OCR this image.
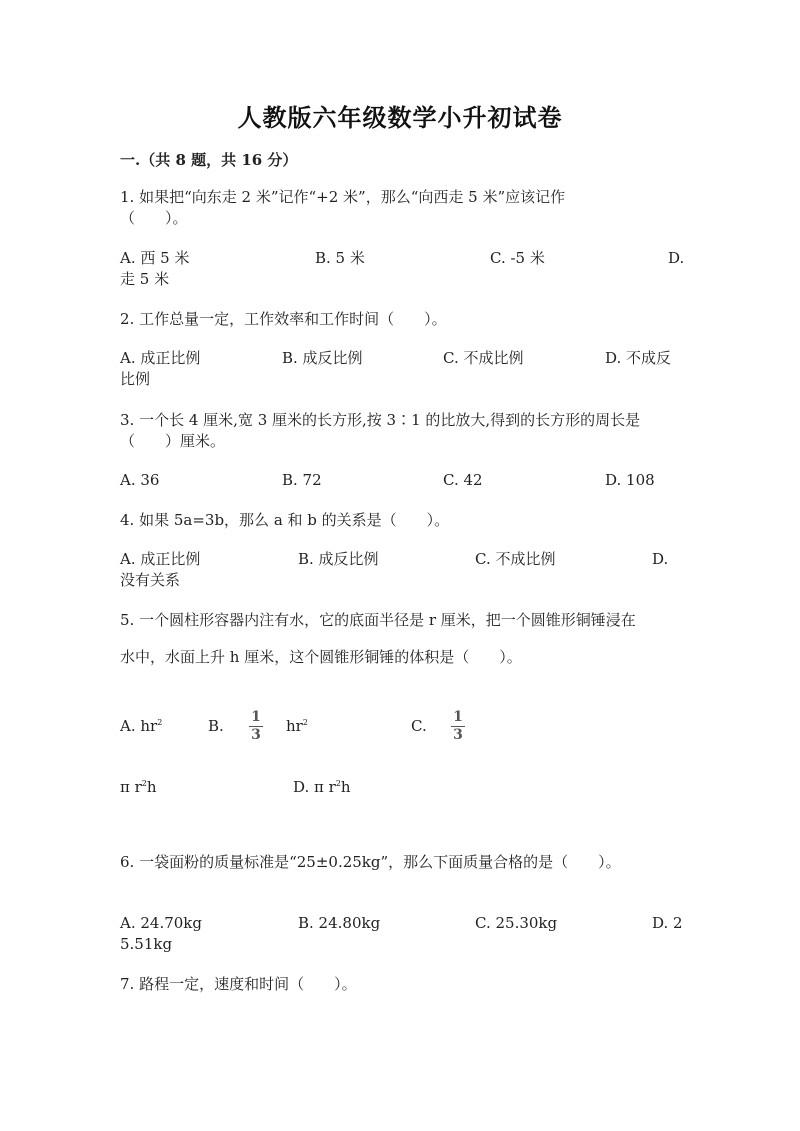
人教版六年级数学小升初试卷
一.（共 8 题，共 16 分）
1. 如果把“向东走 2 米”记作“+2 米”，那么“向西走 5 米”应该记作
（　　）。
A. 西 5 米	B. 5 米	C. -5 米	D.
走 5 米
2. 工作总量一定，工作效率和工作时间（　　）。
A. 成正比例	B. 成反比例	C. 不成比例	D. 不成反
比例
3. 一个长 4 厘米,宽 3 厘米的长方形,按 3∶1 的比放大,得到的长方形的周长是
（　　）厘米。
A. 36	B. 72	C. 42	D. 108
4. 如果 5a=3b，那么 a 和 b 的关系是（　　）。
A. 成正比例	B. 成反比例	C. 不成比例	D.
没有关系
5. 一个圆柱形容器内注有水，它的底面半径是 r 厘米，把一个圆锥形铜锤浸在
水中，水面上升 h 厘米，这个圆锥形铜锤的体积是（　　）。
A. $hr^2$	B. 1
3 $hr^2$	C. 1
3
π $r^2h$	D. π $r^2h$
6. 一袋面粉的质量标准是“25±0.25kg”，那么下面质量合格的是（　　）。
A. 24.70kg	B. 24.80kg	C. 25.30kg	D. 2
5.51kg
7. 路程一定，速度和时间（　　）。
